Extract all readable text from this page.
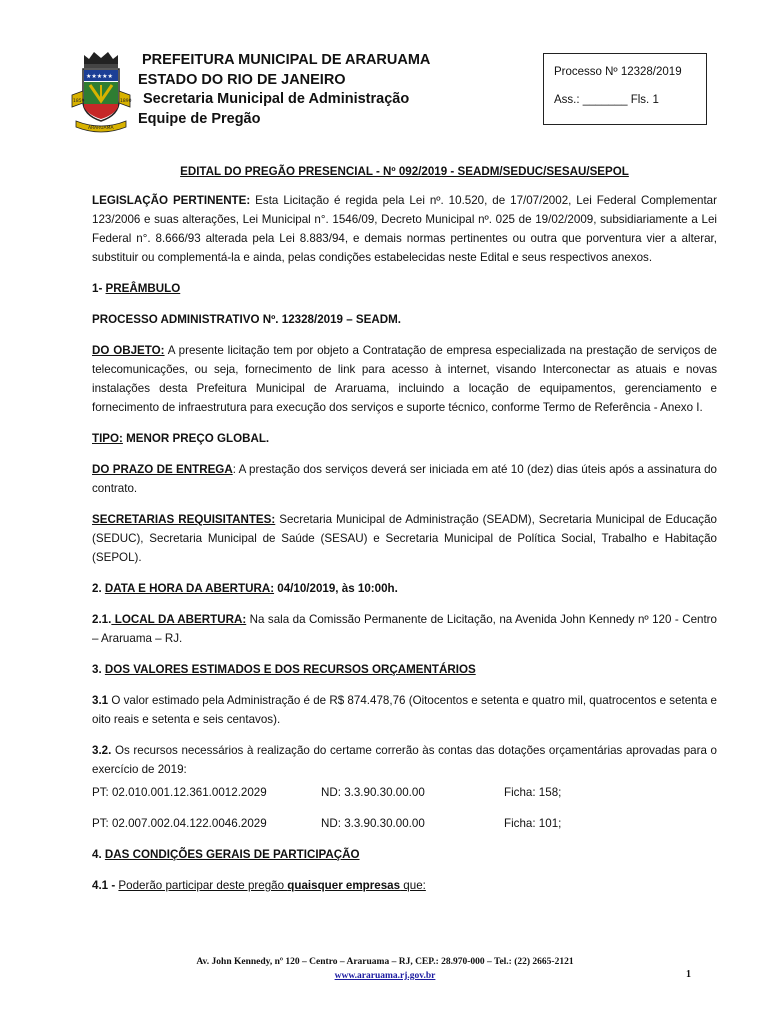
★★★★★
1859	1890
ARARUAMA
PREFEITURA MUNICIPAL DE ARARUAMA
ESTADO DO RIO DE JANEIRO
Secretaria Municipal de Administração
Equipe de Pregão
Processo Nº 12328/2019
Ass.: _______ Fls. 1
EDITAL DO PREGÃO PRESENCIAL - Nº 092/2019 - SEADM/SEDUC/SESAU/SEPOL

LEGISLAÇÃO PERTINENTE: Esta Licitação é regida pela Lei nº. 10.520, de 17/07/2002, Lei Federal Complementar 123/2006 e suas alterações, Lei Municipal n°. 1546/09, Decreto Municipal nº. 025 de 19/02/2009, subsidiariamente a Lei Federal n°. 8.666/93 alterada pela Lei 8.883/94, e demais normas pertinentes ou outra que porventura vier a alterar, substituir ou complementá-la e ainda, pelas condições estabelecidas neste Edital e seus respectivos anexos.

1- PREÂMBULO
PROCESSO ADMINISTRATIVO Nº. 12328/2019 – SEADM.

DO OBJETO: A presente licitação tem por objeto a Contratação de empresa especializada na prestação de serviços de telecomunicações, ou seja, fornecimento de link para acesso à internet, visando Interconectar as atuais e novas instalações desta Prefeitura Municipal de Araruama, incluindo a locação de equipamentos, gerenciamento e fornecimento de infraestrutura para execução dos serviços e suporte técnico, conforme Termo de Referência - Anexo I.

TIPO: MENOR PREÇO GLOBAL.

DO PRAZO DE ENTREGA: A prestação dos serviços deverá ser iniciada em até 10 (dez) dias úteis após a assinatura do contrato.

SECRETARIAS REQUISITANTES: Secretaria Municipal de Administração (SEADM), Secretaria Municipal de Educação (SEDUC), Secretaria Municipal de Saúde (SESAU) e Secretaria Municipal de Política Social, Trabalho e Habitação (SEPOL).

2. DATA E HORA DA ABERTURA: 04/10/2019, às 10:00h.

2.1. LOCAL DA ABERTURA: Na sala da Comissão Permanente de Licitação, na Avenida John Kennedy nº 120 - Centro – Araruama – RJ.

3. DOS VALORES ESTIMADOS E DOS RECURSOS ORÇAMENTÁRIOS

3.1 O valor estimado pela Administração é de R$ 874.478,76 (Oitocentos e setenta e quatro mil, quatrocentos e setenta e oito reais e setenta e seis centavos).

3.2. Os recursos necessários à realização do certame correrão às contas das dotações orçamentárias aprovadas para o exercício de 2019:

PT: 02.010.001.12.361.0012.2029	ND: 3.3.90.30.00.00	Ficha: 158;
PT: 02.007.002.04.122.0046.2029	ND: 3.3.90.30.00.00	Ficha: 101;
4. DAS CONDIÇÕES GERAIS DE PARTICIPAÇÃO
4.1 - Poderão participar deste pregão quaisquer empresas que:
Av. John Kennedy, nº 120 – Centro – Araruama – RJ, CEP.: 28.970-000 – Tel.: (22) 2665-2121
www.araruama.rj.gov.br	1
